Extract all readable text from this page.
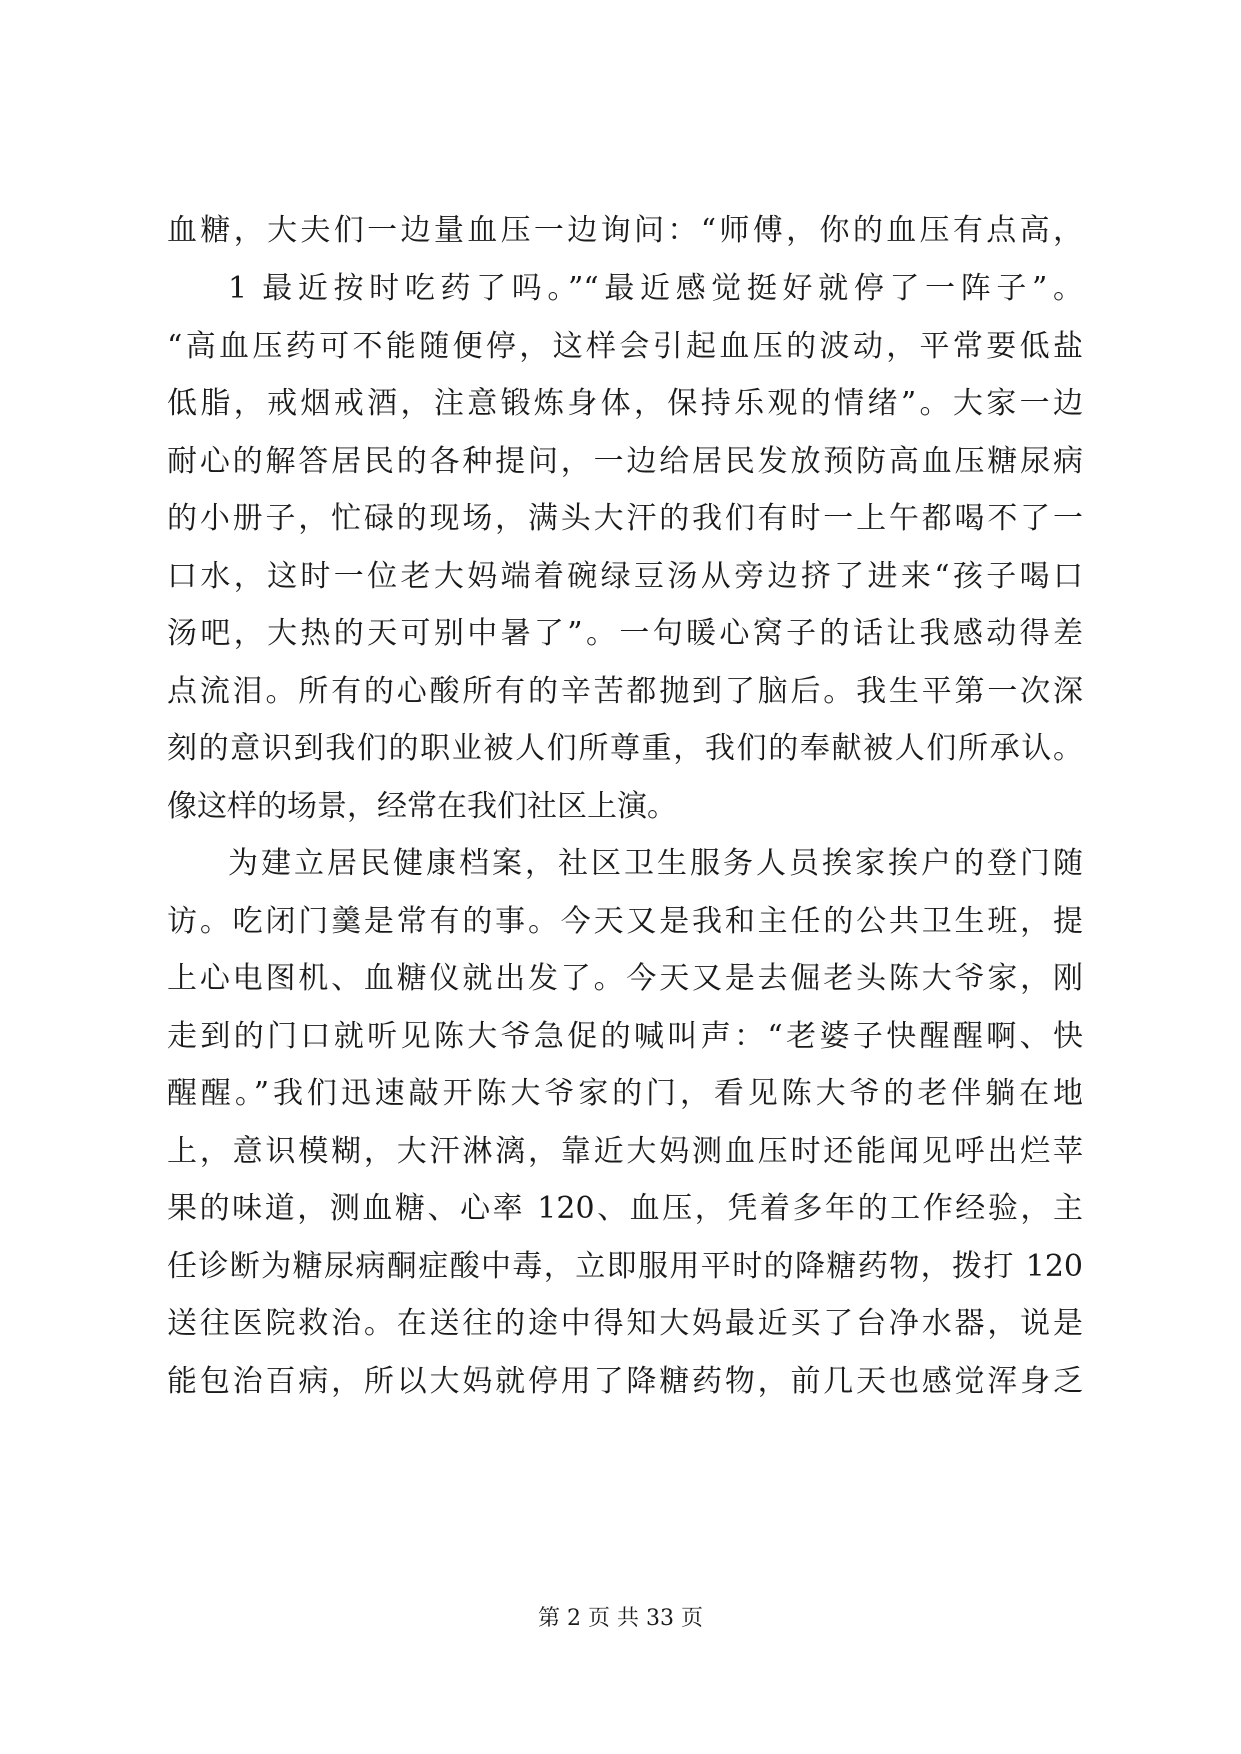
血糖，大夫们一边量血压一边询问：“师傅，你的血压有点高，
1 最近按时吃药了吗。”“最近感觉挺好就停了一阵子”。
“高血压药可不能随便停，这样会引起血压的波动，平常要低盐
低脂，戒烟戒酒，注意锻炼身体，保持乐观的情绪”。大家一边
耐心的解答居民的各种提问，一边给居民发放预防高血压糖尿病
的小册子，忙碌的现场，满头大汗的我们有时一上午都喝不了一
口水，这时一位老大妈端着碗绿豆汤从旁边挤了进来“孩子喝口
汤吧，大热的天可别中暑了”。一句暖心窝子的话让我感动得差
点流泪。所有的心酸所有的辛苦都抛到了脑后。我生平第一次深
刻的意识到我们的职业被人们所尊重，我们的奉献被人们所承认。
像这样的场景，经常在我们社区上演。
为建立居民健康档案，社区卫生服务人员挨家挨户的登门随
访。吃闭门羹是常有的事。今天又是我和主任的公共卫生班，提
上心电图机、血糖仪就出发了。今天又是去倔老头陈大爷家，刚
走到的门口就听见陈大爷急促的喊叫声：“老婆子快醒醒啊、快
醒醒。”我们迅速敲开陈大爷家的门，看见陈大爷的老伴躺在地
上，意识模糊，大汗淋漓，靠近大妈测血压时还能闻见呼出烂苹
果的味道，测血糖、心率 120、血压，凭着多年的工作经验，主
任诊断为糖尿病酮症酸中毒，立即服用平时的降糖药物，拨打 120
送往医院救治。在送往的途中得知大妈最近买了台净水器，说是
能包治百病，所以大妈就停用了降糖药物，前几天也感觉浑身乏
第 2 页 共 33 页
